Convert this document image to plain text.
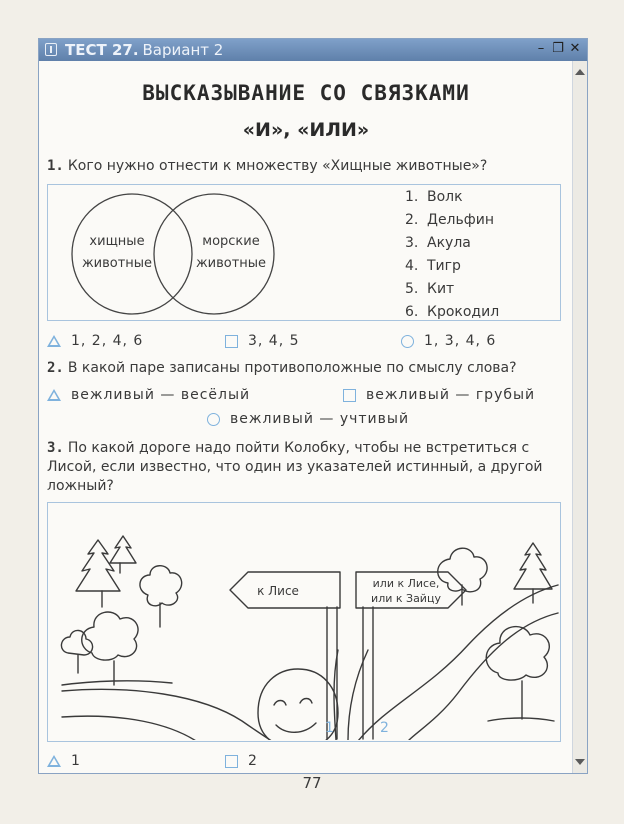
ТЕСТ 27. Вариант 2	– ❐ ✕
ВЫСКАЗЫВАНИЕ СО СВЯЗКАМИ
«И», «ИЛИ»
1. Кого нужно отнести к множеству «Хищные животные»?
хищные
животные
морские
животные
1. Волк
2. Дельфин
3. Акула
4. Тигр
5. Кит
6. Крокодил
1, 2, 4, 6	3, 4, 5	1, 3, 4, 6
2. В какой паре записаны противоположные по смыслу слова?
вежливый — весёлый	вежливый — грубый
вежливый — учтивый
3. По какой дороге надо пойти Колобку, чтобы не встретиться с Лисой, если известно, что один из указателей истинный, а другой ложный?
1	2
к Лисе
или к Лисе,
или к Зайцу
1	2
77
